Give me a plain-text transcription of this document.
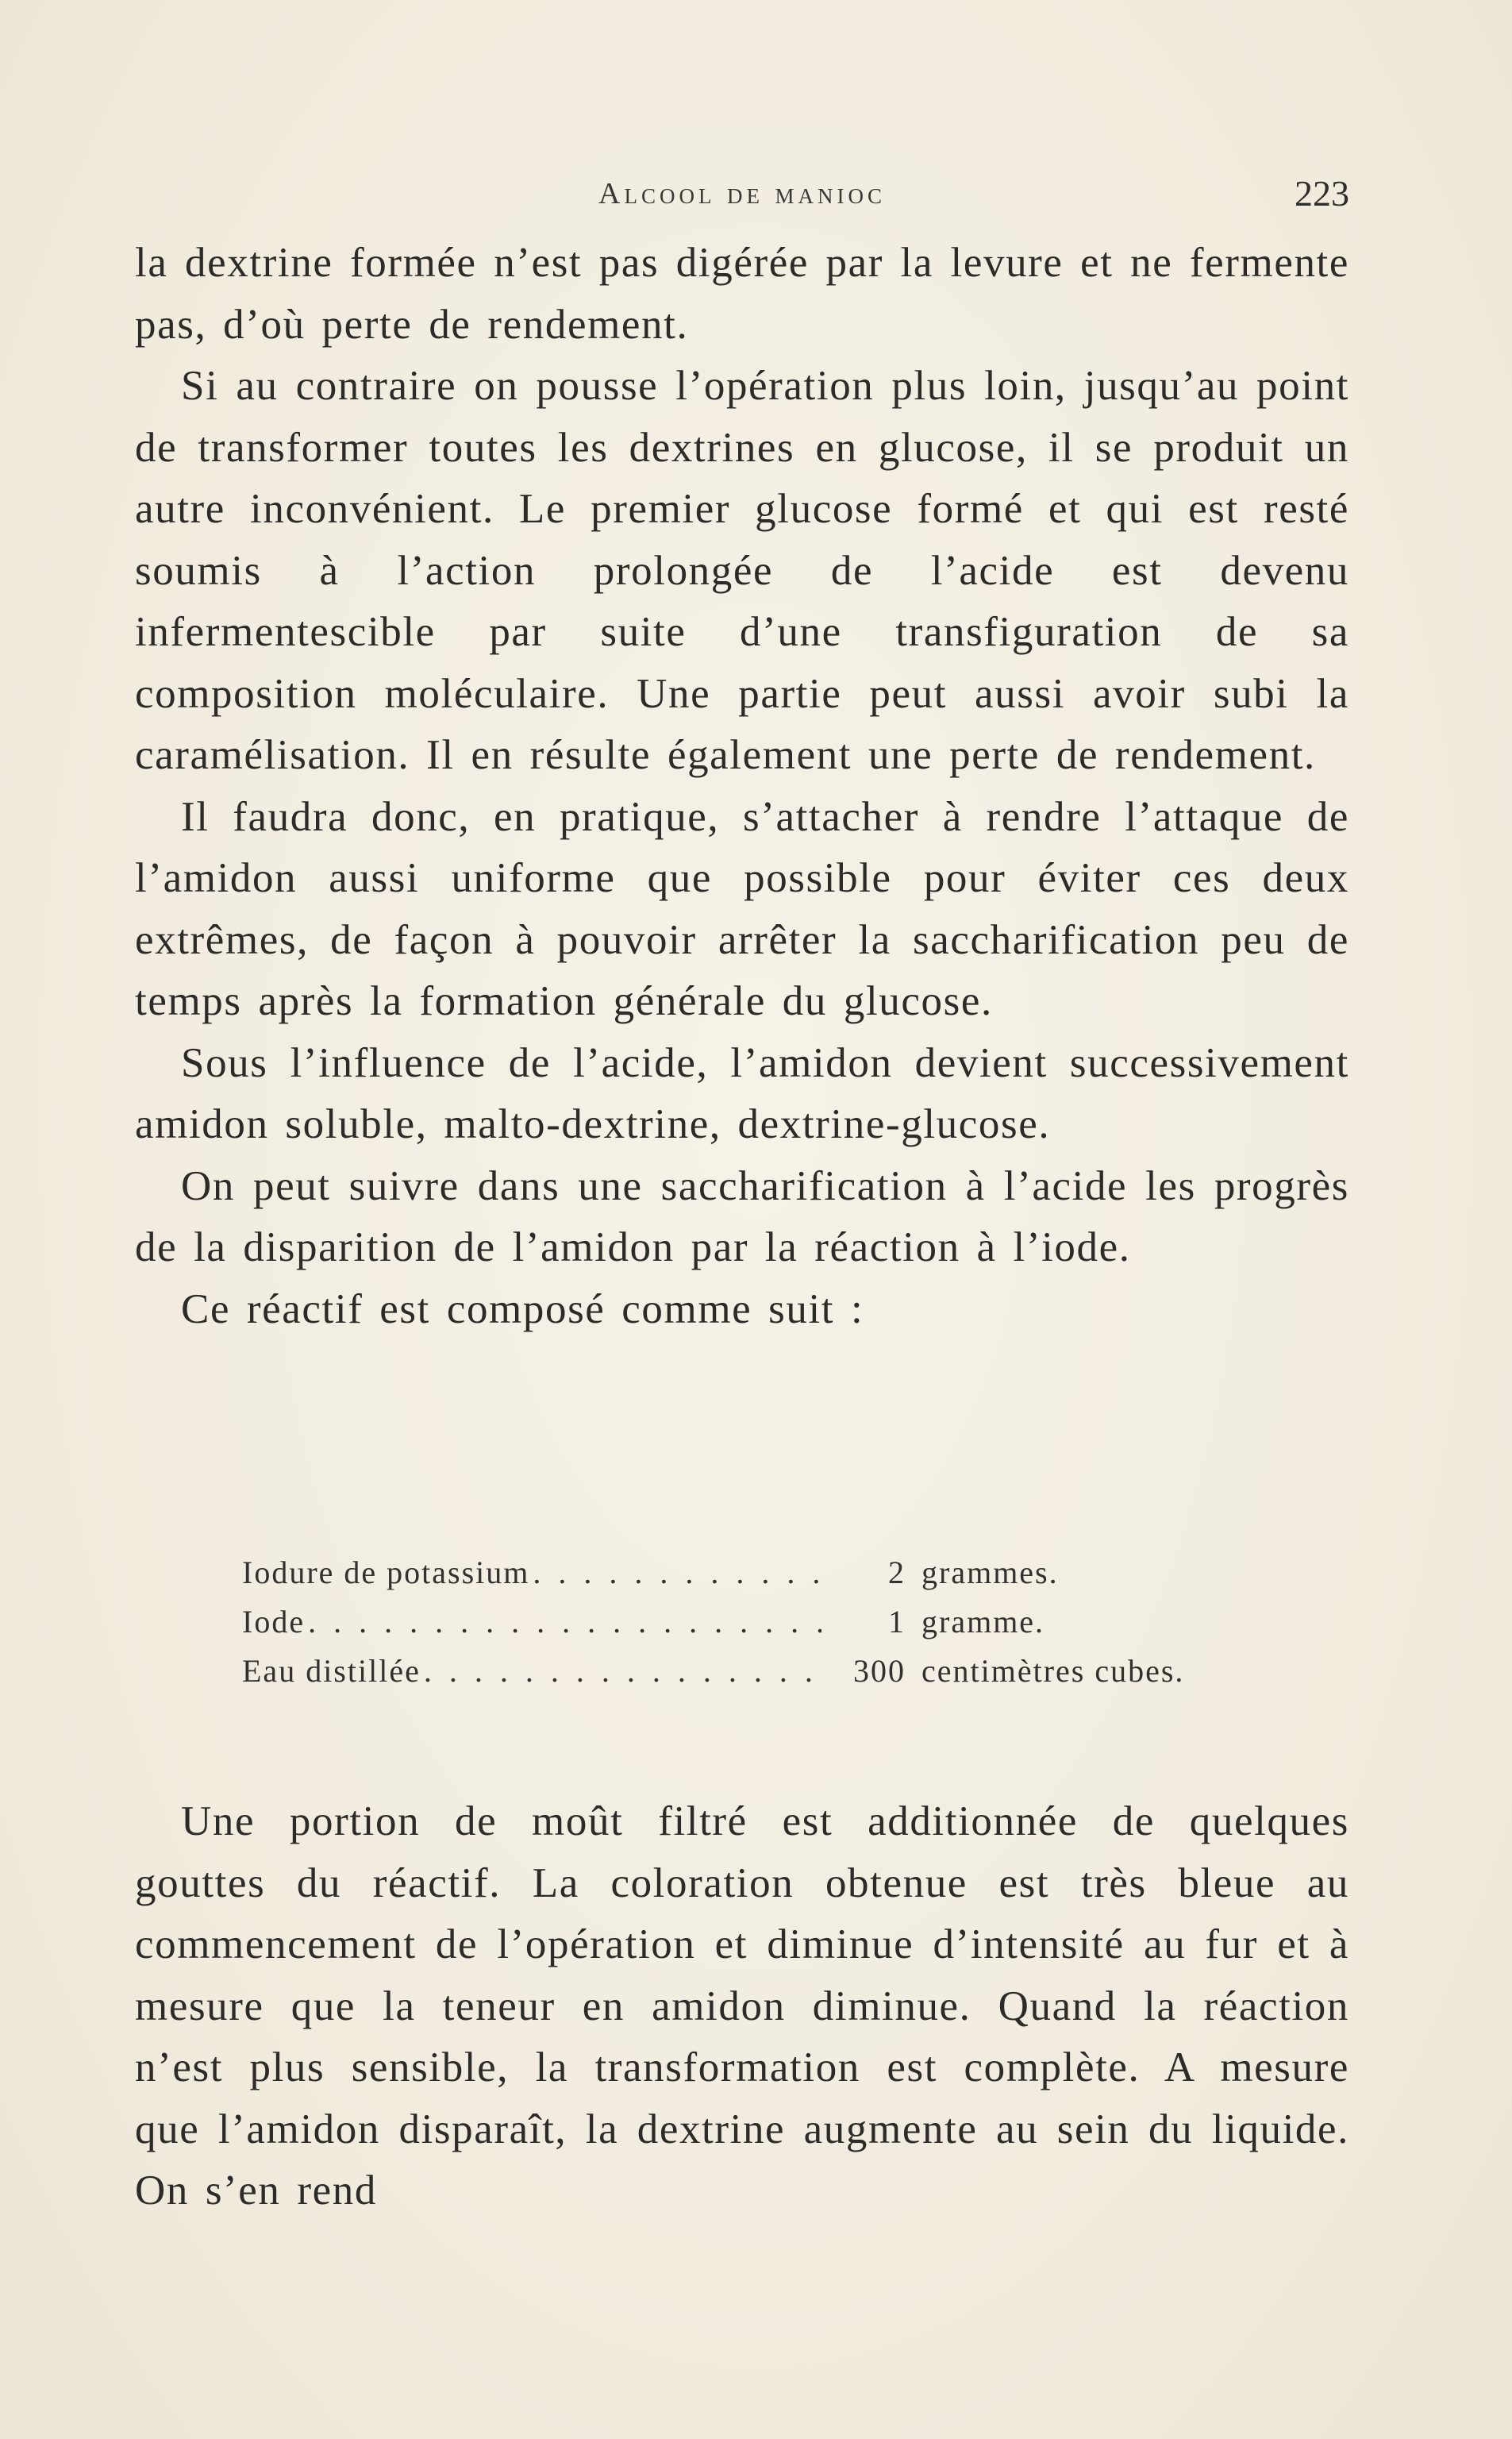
Alcool de manioc	223

la dextrine formée n’est pas digérée par la levure et ne fermente pas, d’où perte de rendement.

Si au contraire on pousse l’opération plus loin, jusqu’au point de transformer toutes les dextrines en glucose, il se produit un autre inconvénient. Le premier glucose formé et qui est resté soumis à l’action prolongée de l’acide est devenu infermentescible par suite d’une transfiguration de sa composition moléculaire. Une partie peut aussi avoir subi la caramélisation. Il en résulte également une perte de rendement.

Il faudra donc, en pratique, s’attacher à rendre l’attaque de l’amidon aussi uniforme que possible pour éviter ces deux extrêmes, de façon à pouvoir arrêter la saccharification peu de temps après la formation générale du glucose.

Sous l’influence de l’acide, l’amidon devient successivement amidon soluble, malto-dextrine, dextrine-glucose.

On peut suivre dans une saccharification à l’acide les progrès de la disparition de l’amidon par la réaction à l’iode.

Ce réactif est composé comme suit :

Iodure de potassium . . .	2 grammes.
Iode . . .	1 gramme.
Eau distillée . . .	300 centimètres cubes.

Une portion de moût filtré est additionnée de quelques gouttes du réactif. La coloration obtenue est très bleue au commencement de l’opération et diminue d’intensité au fur et à mesure que la teneur en amidon diminue. Quand la réaction n’est plus sensible, la transformation est complète. A mesure que l’amidon disparaît, la dextrine augmente au sein du liquide. On s’en rend
